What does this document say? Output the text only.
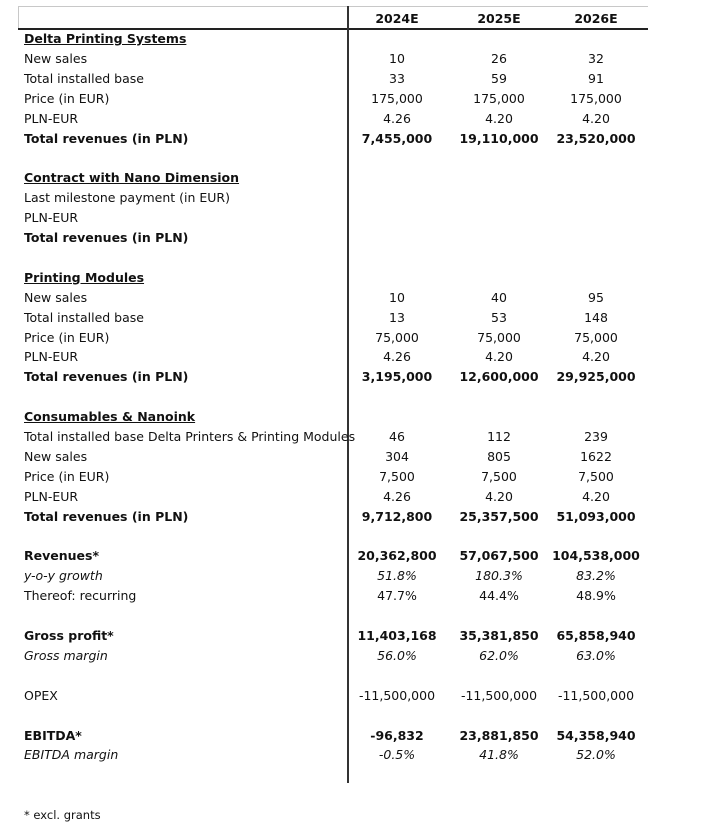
2024E	2025E	2026E
Delta Printing Systems
New sales	10	26	32
Total installed base	33	59	91
Price (in EUR)	175,000	175,000	175,000
PLN-EUR	4.26	4.20	4.20
Total revenues (in PLN)	7,455,000	19,110,000	23,520,000
Contract with Nano Dimension
Last milestone payment (in EUR)
PLN-EUR
Total revenues (in PLN)
Printing Modules
New sales	10	40	95
Total installed base	13	53	148
Price (in EUR)	75,000	75,000	75,000
PLN-EUR	4.26	4.20	4.20
Total revenues (in PLN)	3,195,000	12,600,000	29,925,000
Consumables & Nanoink
Total installed base Delta Printers & Printing Modules	46	112	239
New sales	304	805	1622
Price (in EUR)	7,500	7,500	7,500
PLN-EUR	4.26	4.20	4.20
Total revenues (in PLN)	9,712,800	25,357,500	51,093,000
Revenues*	20,362,800	57,067,500	104,538,000
y-o-y growth	51.8%	180.3%	83.2%
Thereof: recurring	47.7%	44.4%	48.9%
Gross profit*	11,403,168	35,381,850	65,858,940
Gross margin	56.0%	62.0%	63.0%
OPEX	-11,500,000	-11,500,000	-11,500,000
EBITDA*	-96,832	23,881,850	54,358,940
EBITDA margin	-0.5%	41.8%	52.0%
* excl. grants
